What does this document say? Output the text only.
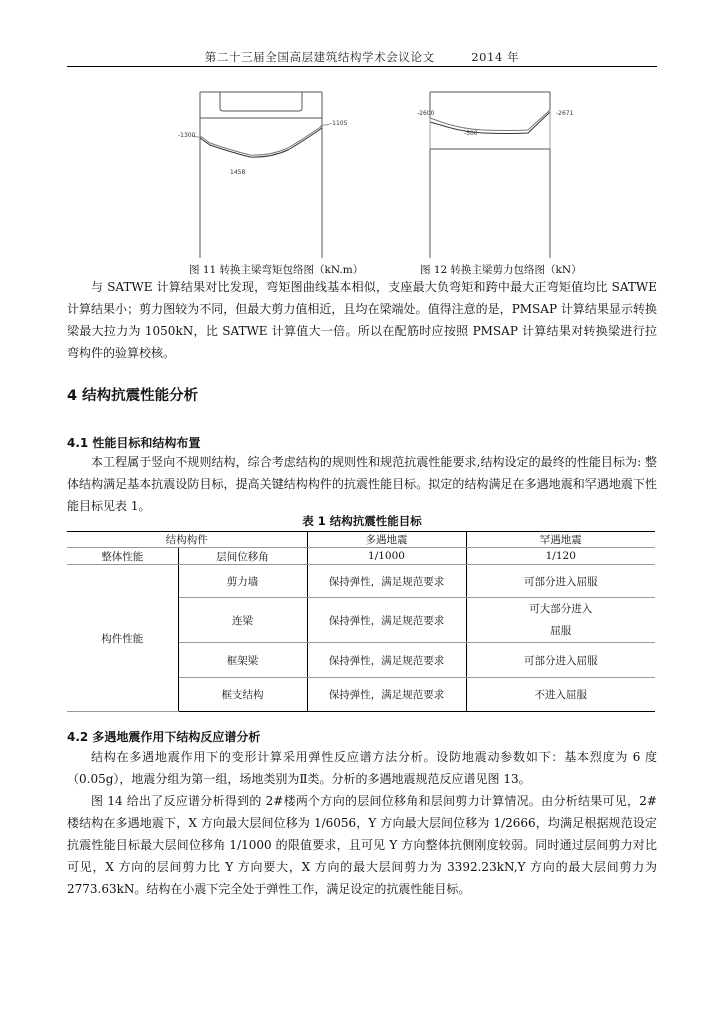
第二十三届全国高层建筑结构学术会议论文	2014 年
-1300
-1105
1458
图 11 转换主梁弯矩包络图（kN.m）
-2600	-2671
-500
图 12 转换主梁剪力包络图（kN）

与 SATWE 计算结果对比发现，弯矩图曲线基本相似，支座最大负弯矩和跨中最大正弯矩值均比 SATWE 计算结果小；剪力图较为不同，但最大剪力值相近，且均在梁端处。值得注意的是，PMSAP 计算结果显示转换梁最大拉力为 1050kN，比 SATWE 计算值大一倍。所以在配筋时应按照 PMSAP 计算结果对转换梁进行拉弯构件的验算校核。

4 结构抗震性能分析
4.1 性能目标和结构布置

本工程属于竖向不规则结构，综合考虑结构的规则性和规范抗震性能要求,结构设定的最终的性能目标为: 整体结构满足基本抗震设防目标，提高关键结构构件的抗震性能目标。拟定的结构满足在多遇地震和罕遇地震下性能目标见表 1。

表 1 结构抗震性能目标
结构构件		多遇地震	罕遇地震
整体性能	层间位移角	1/1000	1/120
构件性能	剪力墙	保持弹性，满足规范要求	可部分进入屈服
	连梁	保持弹性，满足规范要求	可大部分进入
屈服
	框架梁	保持弹性，满足规范要求	可部分进入屈服
	框支结构	保持弹性，满足规范要求	不进入屈服
4.2 多遇地震作用下结构反应谱分析

结构在多遇地震作用下的变形计算采用弹性反应谱方法分析。设防地震动参数如下：基本烈度为 6 度（0.05g），地震分组为第一组，场地类别为Ⅱ类。分析的多遇地震规范反应谱见图 13。

图 14 给出了反应谱分析得到的 2#楼两个方向的层间位移角和层间剪力计算情况。由分析结果可见，2#楼结构在多遇地震下，X 方向最大层间位移为 1/6056，Y 方向最大层间位移为 1/2666，均满足根据规范设定抗震性能目标最大层间位移角 1/1000 的限值要求，且可见 Y 方向整体抗侧刚度较弱。同时通过层间剪力对比可见，X 方向的层间剪力比 Y 方向要大，X 方向的最大层间剪力为 3392.23kN,Y 方向的最大层间剪力为 2773.63kN。结构在小震下完全处于弹性工作，满足设定的抗震性能目标。
